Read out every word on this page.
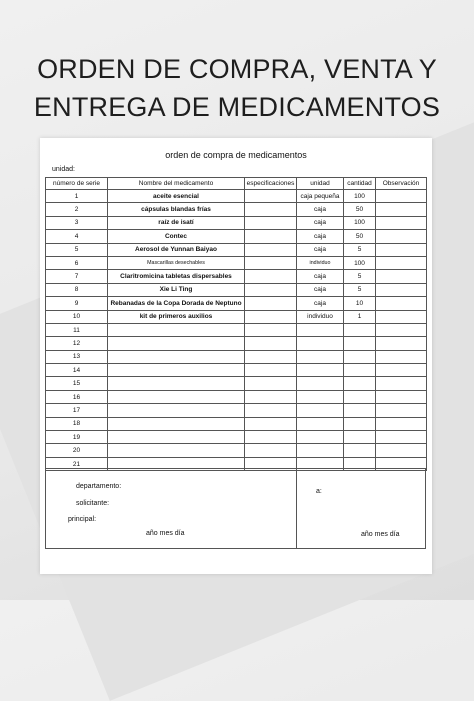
ORDEN DE COMPRA, VENTA Y
ENTREGA DE MEDICAMENTOS
orden de compra de medicamentos
unidad:
número de serie	Nombre del medicamento	especificaciones	unidad	cantidad	Observación
1	aceite esencial		caja pequeña	100	
2	cápsulas blandas frías		caja	50	
3	raíz de isatí		caja	100	
4	Contec		caja	50	
5	Aerosol de Yunnan Baiyao		caja	5	
6	Mascarillas desechables		individuo	100	
7	Claritromicina tabletas dispersables		caja	5	
8	Xie Li Ting		caja	5	
9	Rebanadas de la Copa Dorada de Neptuno		caja	10	
10	kit de primeros auxilios		individuo	1	
11					
12					
13					
14					
15					
16					
17					
18					
19					
20					
21					
departamento:
a:
solicitante:
principal:
año mes día	año mes día
